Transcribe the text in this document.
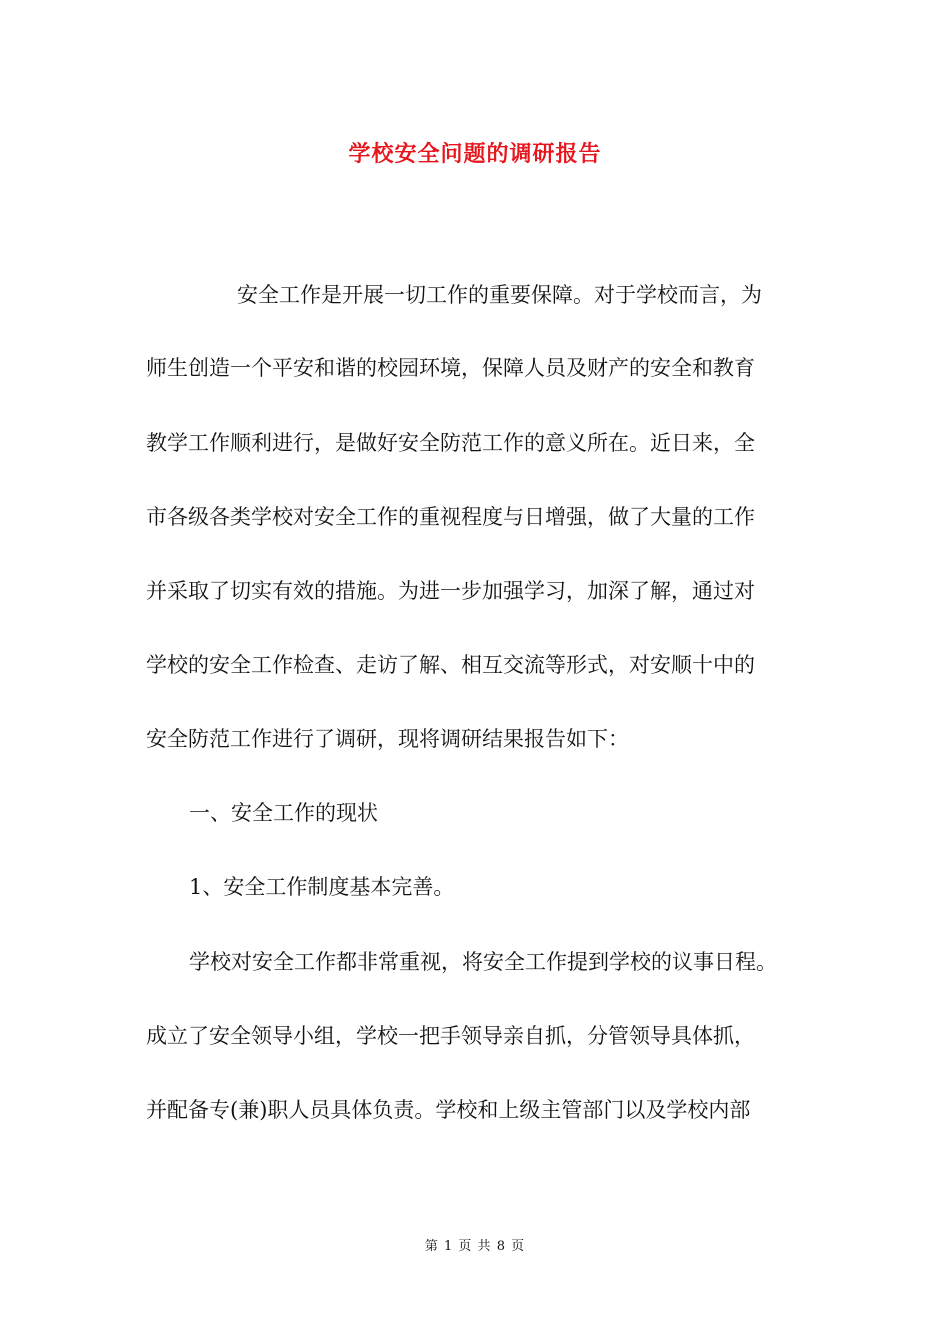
学校安全问题的调研报告

安全工作是开展一切工作的重要保障。对于学校而言，为

师生创造一个平安和谐的校园环境，保障人员及财产的安全和教育

教学工作顺利进行，是做好安全防范工作的意义所在。近日来，全

市各级各类学校对安全工作的重视程度与日增强，做了大量的工作

并采取了切实有效的措施。为进一步加强学习，加深了解，通过对

学校的安全工作检查、走访了解、相互交流等形式，对安顺十中的

安全防范工作进行了调研，现将调研结果报告如下：

一、安全工作的现状

1、安全工作制度基本完善。

学校对安全工作都非常重视，将安全工作提到学校的议事日程。

成立了安全领导小组，学校一把手领导亲自抓，分管领导具体抓，

并配备专(兼)职人员具体负责。学校和上级主管部门以及学校内部

第 1 页 共 8 页
